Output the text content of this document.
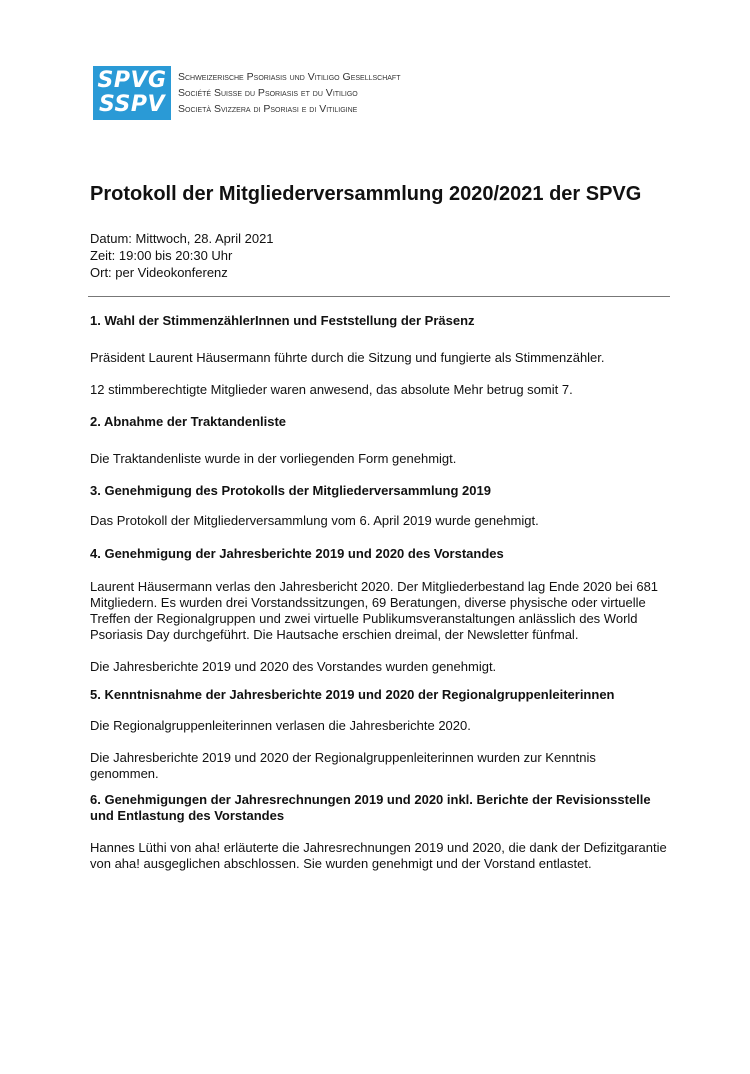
SPVG
SSPV
Schweizerische Psoriasis und Vitiligo Gesellschaft
Société Suisse du Psoriasis et du Vitiligo
Società Svizzera di Psoriasi e di Vitiligine
Protokoll der Mitgliederversammlung 2020/2021 der SPVG
Datum: Mittwoch, 28. April 2021
Zeit: 19:00 bis 20:30 Uhr
Ort: per Videokonferenz
1. Wahl der StimmenzählerInnen und Feststellung der Präsenz

Präsident Laurent Häusermann führte durch die Sitzung und fungierte als Stimmenzähler.

12 stimmberechtigte Mitglieder waren anwesend, das absolute Mehr betrug somit 7.

2. Abnahme der Traktandenliste

Die Traktandenliste wurde in der vorliegenden Form genehmigt.

3. Genehmigung des Protokolls der Mitgliederversammlung 2019

Das Protokoll der Mitgliederversammlung vom 6. April 2019 wurde genehmigt.

4. Genehmigung der Jahresberichte 2019 und 2020 des Vorstandes

Laurent Häusermann verlas den Jahresbericht 2020. Der Mitgliederbestand lag Ende 2020 bei 681 Mitgliedern. Es wurden drei Vorstandssitzungen, 69 Beratungen, diverse physische oder virtuelle Treffen der Regionalgruppen und zwei virtuelle Publikumsveranstaltungen anlässlich des World Psoriasis Day durchgeführt. Die Hautsache erschien dreimal, der Newsletter fünfmal.

Die Jahresberichte 2019 und 2020 des Vorstandes wurden genehmigt.

5. Kenntnisnahme der Jahresberichte 2019 und 2020 der Regionalgruppenleiterinnen

Die Regionalgruppenleiterinnen verlasen die Jahresberichte 2020.

Die Jahresberichte 2019 und 2020 der Regionalgruppenleiterinnen wurden zur Kenntnis genommen.

6. Genehmigungen der Jahresrechnungen 2019 und 2020 inkl. Berichte der Revisionsstelle und Entlastung des Vorstandes

Hannes Lüthi von aha! erläuterte die Jahresrechnungen 2019 und 2020, die dank der Defizitgarantie von aha! ausgeglichen abschlossen. Sie wurden genehmigt und der Vorstand entlastet.
